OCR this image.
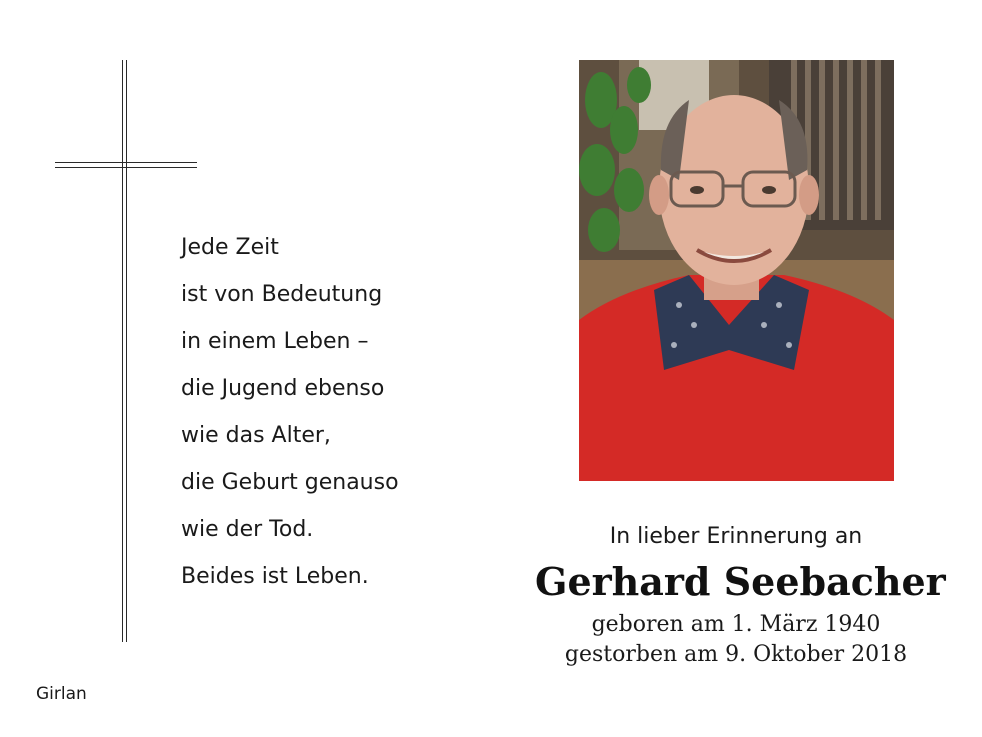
Jede Zeit
ist von Bedeutung
in einem Leben –
die Jugend ebenso
wie das Alter,
die Geburt genauso
wie der Tod.
Beides ist Leben.
Girlan
In lieber Erinnerung an
Gerhard Seebacher
geboren am 1. März 1940
gestorben am 9. Oktober 2018
